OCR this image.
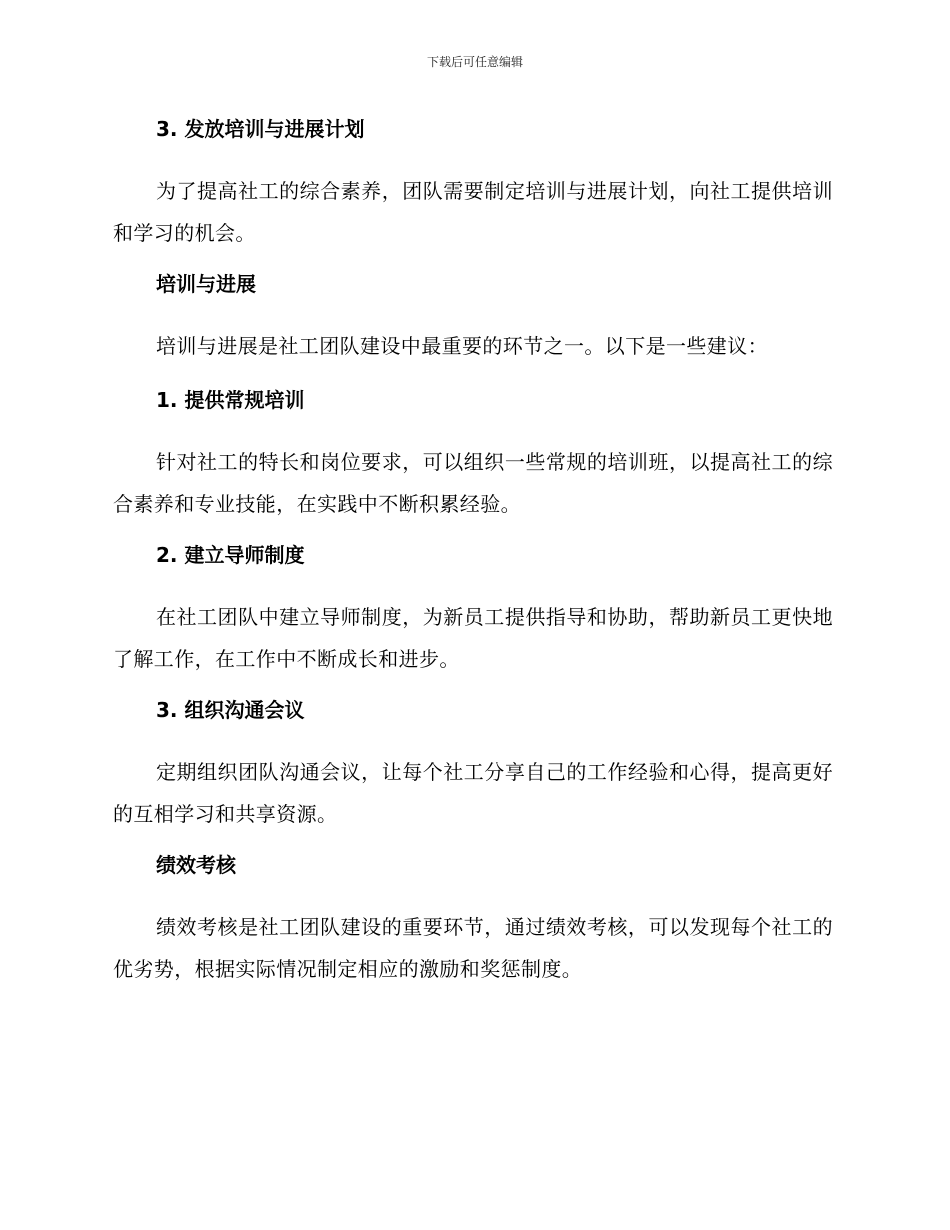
下载后可任意编辑
3. 发放培训与进展计划

为了提高社工的综合素养，团队需要制定培训与进展计划，向社工提供培训和学习的机会。

培训与进展

培训与进展是社工团队建设中最重要的环节之一。以下是一些建议：

1. 提供常规培训

针对社工的特长和岗位要求，可以组织一些常规的培训班，以提高社工的综合素养和专业技能，在实践中不断积累经验。

2. 建立导师制度

在社工团队中建立导师制度，为新员工提供指导和协助，帮助新员工更快地了解工作，在工作中不断成长和进步。

3. 组织沟通会议

定期组织团队沟通会议，让每个社工分享自己的工作经验和心得，提高更好的互相学习和共享资源。

绩效考核

绩效考核是社工团队建设的重要环节，通过绩效考核，可以发现每个社工的优劣势，根据实际情况制定相应的激励和奖惩制度。
